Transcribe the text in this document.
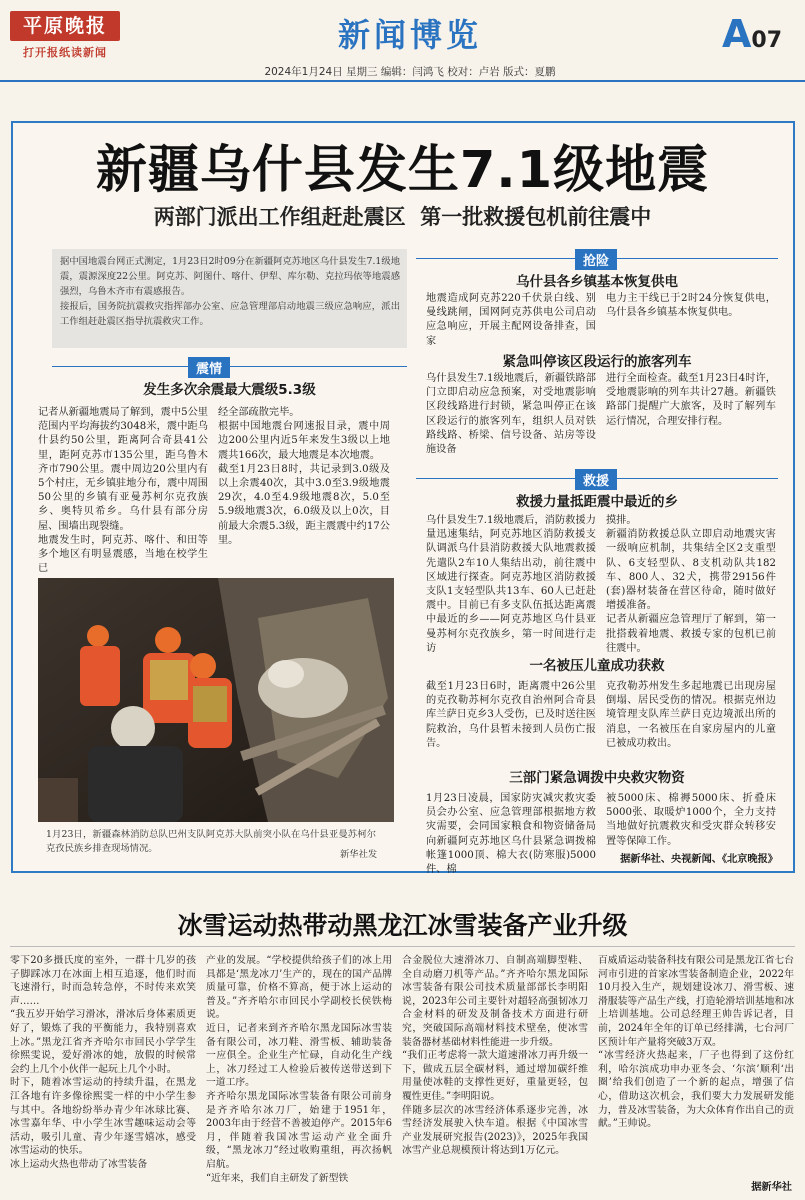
平原晚报
打开报纸读新闻	新闻博览	A07
2024年1月24日 星期三 编辑：闫鸿飞 校对：卢岩 版式：夏鹏
新疆乌什县发生7.1级地震
两部门派出工作组赶赴震区  第一批救援包机前往震中
据中国地震台网正式测定，1月23日2时09分在新疆阿克苏地区乌什县发生7.1级地震，震源深度22公里。阿克苏、阿图什、喀什、伊犁、库尔勒、克拉玛依等地震感强烈，乌鲁木齐市有震感报告。
接报后，国务院抗震救灾指挥部办公室、应急管理部启动地震三级应急响应，派出工作组赶赴震区指导抗震救灾工作。
震情
发生多次余震最大震级5.3级
记者从新疆地震局了解到，震中5公里范围内平均海拔约3048米，震中距乌什县约50公里，距离阿合奇县41公里，距阿克苏市135公里，距乌鲁木齐市790公里。震中周边20公里内有5个村庄，无乡镇驻地分布，震中周围50公里的乡镇有亚曼苏柯尔克孜族乡、奥特贝希乡。乌什县有部分房屋、围墙出现裂缝。
地震发生时，阿克苏、喀什、和田等多个地区有明显震感，当地在校学生已
经全部疏散完毕。
根据中国地震台网速报目录，震中周边200公里内近5年来发生3级以上地震共166次，最大地震是本次地震。
截至1月23日8时，共记录到3.0级及以上余震40次，其中3.0至3.9级地震29次，4.0至4.9级地震8次，5.0至5.9级地震3次，6.0级及以上0次，目前最大余震5.3级，距主震震中约17公里。
1月23日，新疆森林消防总队巴州支队阿克苏大队前突小队在乌什县亚曼苏柯尔克孜民族乡排查现场情况。
新华社发
抢险
乌什县各乡镇基本恢复供电
地震造成阿克苏220千伏景白线、别曼线跳闸，国网阿克苏供电公司启动应急响应，开展主配网设备排查，国家
电力主干线已于2时24分恢复供电，乌什县各乡镇基本恢复供电。
紧急叫停该区段运行的旅客列车
乌什县发生7.1级地震后，新疆铁路部门立即启动应急预案，对受地震影响区段线路进行封锁，紧急叫停正在该区段运行的旅客列车，组织人员对铁路线路、桥梁、信号设备、站房等设施设备
进行全面检查。截至1月23日4时许，受地震影响的列车共计27趟。新疆铁路部门提醒广大旅客，及时了解列车运行情况，合理安排行程。
救援
救援力量抵距震中最近的乡
乌什县发生7.1级地震后，消防救援力量迅速集结，阿克苏地区消防救援支队调派乌什县消防救援大队地震救援先遣队2车10人集结出动，前往震中区域进行探查。阿克苏地区消防救援支队1支轻型队共13车、60人已赶赴震中。目前已有多支队伍抵达距离震中最近的乡——阿克苏地区乌什县亚曼苏柯尔克孜族乡，第一时间进行走访
摸排。
新疆消防救援总队立即启动地震灾害一级响应机制，共集结全区2支重型队、6支轻型队、8支机动队共182车、800人、32犬，携带29156件(套)器材装备在营区待命，随时做好增援准备。
记者从新疆应急管理厅了解到，第一批搭载着地震、救援专家的包机已前往震中。
一名被压儿童成功获救
截至1月23日6时，距离震中26公里的克孜勒苏柯尔克孜自治州阿合奇县库兰萨日克乡3人受伤，已及时送往医院救治，乌什县暂未接到人员伤亡报告。
克孜勒苏州发生多起地震已出现房屋倒塌、居民受伤的情况。根据克州边境管理支队库兰萨日克边境派出所的消息，一名被压在自家房屋内的儿童已被成功救出。
三部门紧急调拨中央救灾物资
1月23日凌晨，国家防灾减灾救灾委员会办公室、应急管理部根据地方救灾需要，会同国家粮食和物资储备局向新疆阿克苏地区乌什县紧急调拨棉帐篷1000顶、棉大衣(防寒服)5000件、棉
被5000床、棉褥5000床、折叠床5000张、取暖炉1000个，全力支持当地做好抗震救灾和受灾群众转移安置等保障工作。
据新华社、央视新闻、《北京晚报》
冰雪运动热带动黑龙江冰雪装备产业升级
零下20多摄氏度的室外，一群十几岁的孩子脚踩冰刀在冰面上相互追逐，他们时而飞速滑行，时而急转急停，不时传来欢笑声……
“我五岁开始学习滑冰，滑冰后身体素质更好了，锻炼了我的平衡能力，我特别喜欢上冰。”黑龙江省齐齐哈尔市回民小学学生徐熙雯说，爱好滑冰的她，放假的时候常会约上几个小伙伴一起玩上几个小时。
时下，随着冰雪运动的持续升温，在黑龙江各地有许多像徐熙雯一样的中小学生参与其中。各地纷纷举办青少年冰球比赛、冰雪嘉年华、中小学生冰雪趣味运动会等活动，吸引儿童、青少年逐雪嬉冰，感受冰雪运动的快乐。
冰上运动火热也带动了冰雪装备
产业的发展。“学校提供给孩子们的冰上用具都是‘黑龙冰刀’生产的，现在的国产品牌质量可靠，价格不算高，便于冰上运动的普及。”齐齐哈尔市回民小学副校长侯铁梅说。
近日，记者来到齐齐哈尔黑龙国际冰雪装备有限公司，冰刀鞋、滑雪板、辅助装备一应俱全。企业生产忙碌，自动化生产线上，冰刀经过工人检验后被传送带送到下一道工序。
齐齐哈尔黑龙国际冰雪装备有限公司前身是齐齐哈尔冰刀厂，始建于1951年，2003年由于经营不善被迫停产。2015年6月，伴随着我国冰雪运动产业全面升级，“黑龙冰刀”经过收购重组，再次扬帆启航。
“近年来，我们自主研发了新型铁
合金脱位大速滑冰刀、自制高端脚型鞋、全自动磨刀机等产品。”齐齐哈尔黑龙国际冰雪装备有限公司技术质量部部长李明阳说，2023年公司主要针对超轻高强韧冰刀合金材料的研发及制备技术方面进行研究，突破国际高端材料技术壁垒，使冰雪装备器材基础材料性能进一步升级。
“我们正考虑将一款大道速滑冰刀再升级一下，做成五层全碳材料，通过增加碳纤维用量使冰鞋的支撑性更好，重量更轻，包覆性更佳。”李明阳说。
伴随多层次的冰雪经济体系逐步完善，冰雪经济发展驶入快车道。根据《中国冰雪产业发展研究报告(2023)》，2025年我国冰雪产业总规模预计将达到1万亿元。
百威盾运动装备科技有限公司是黑龙江省七台河市引进的首家冰雪装备制造企业，2022年10月投入生产，规划建设冰刀、滑雪板、速滑服装等产品生产线，打造轮滑培训基地和冰上培训基地。公司总经理王帅告诉记者，目前，2024年全年的订单已经排满，七台河厂区预计年产量将突破3万双。
“冰雪经济火热起来，厂子也得到了这份红利，哈尔滨成功申办亚冬会、‘尔滨’顺利‘出圈’给我们创造了一个新的起点，增强了信心，借助这次机会，我们要大力发展研发能力，普及冰雪装备，为大众体育作出自己的贡献。”王帅说。
据新华社
